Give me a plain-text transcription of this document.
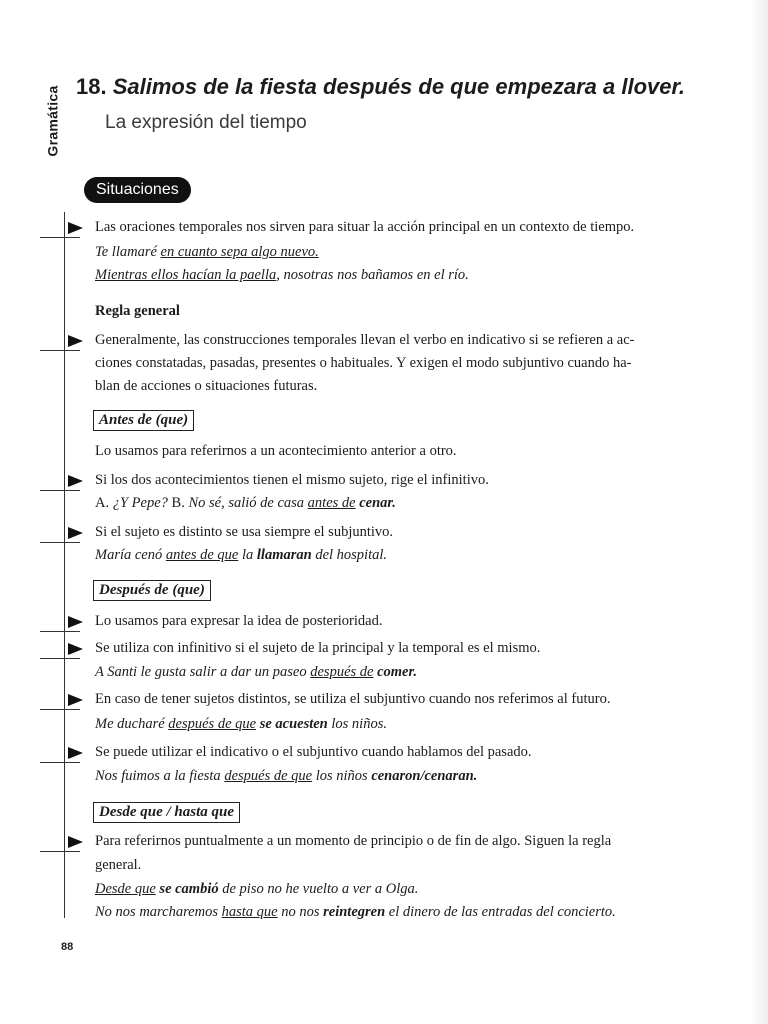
Gramática 18. Salimos de la fiesta después de que empezara a llover.
La expresión del tiempo
Situaciones
Las oraciones temporales nos sirven para situar la acción principal en un contexto de tiempo.
Te llamaré en cuanto sepa algo nuevo.
Mientras ellos hacían la paella, nosotras nos bañamos en el río.
Regla general
Generalmente, las construcciones temporales llevan el verbo en indicativo si se refieren a ac-
ciones constatadas, pasadas, presentes o habituales. Y exigen el modo subjuntivo cuando ha-
blan de acciones o situaciones futuras.
Antes de (que)
Lo usamos para referirnos a un acontecimiento anterior a otro.
Si los dos acontecimientos tienen el mismo sujeto, rige el infinitivo.
A. ¿Y Pepe? B. No sé, salió de casa antes de cenar.
Si el sujeto es distinto se usa siempre el subjuntivo.
María cenó antes de que la llamaran del hospital.
Después de (que)
Lo usamos para expresar la idea de posterioridad.
Se utiliza con infinitivo si el sujeto de la principal y la temporal es el mismo.
A Santi le gusta salir a dar un paseo después de comer.
En caso de tener sujetos distintos, se utiliza el subjuntivo cuando nos referimos al futuro.
Me ducharé después de que se acuesten los niños.
Se puede utilizar el indicativo o el subjuntivo cuando hablamos del pasado.
Nos fuimos a la fiesta después de que los niños cenaron/cenaran.
Desde que / hasta que
Para referirnos puntualmente a un momento de principio o de fin de algo. Siguen la regla
general.
Desde que se cambió de piso no he vuelto a ver a Olga.
No nos marcharemos hasta que no nos reintegren el dinero de las entradas del concierto.
88
